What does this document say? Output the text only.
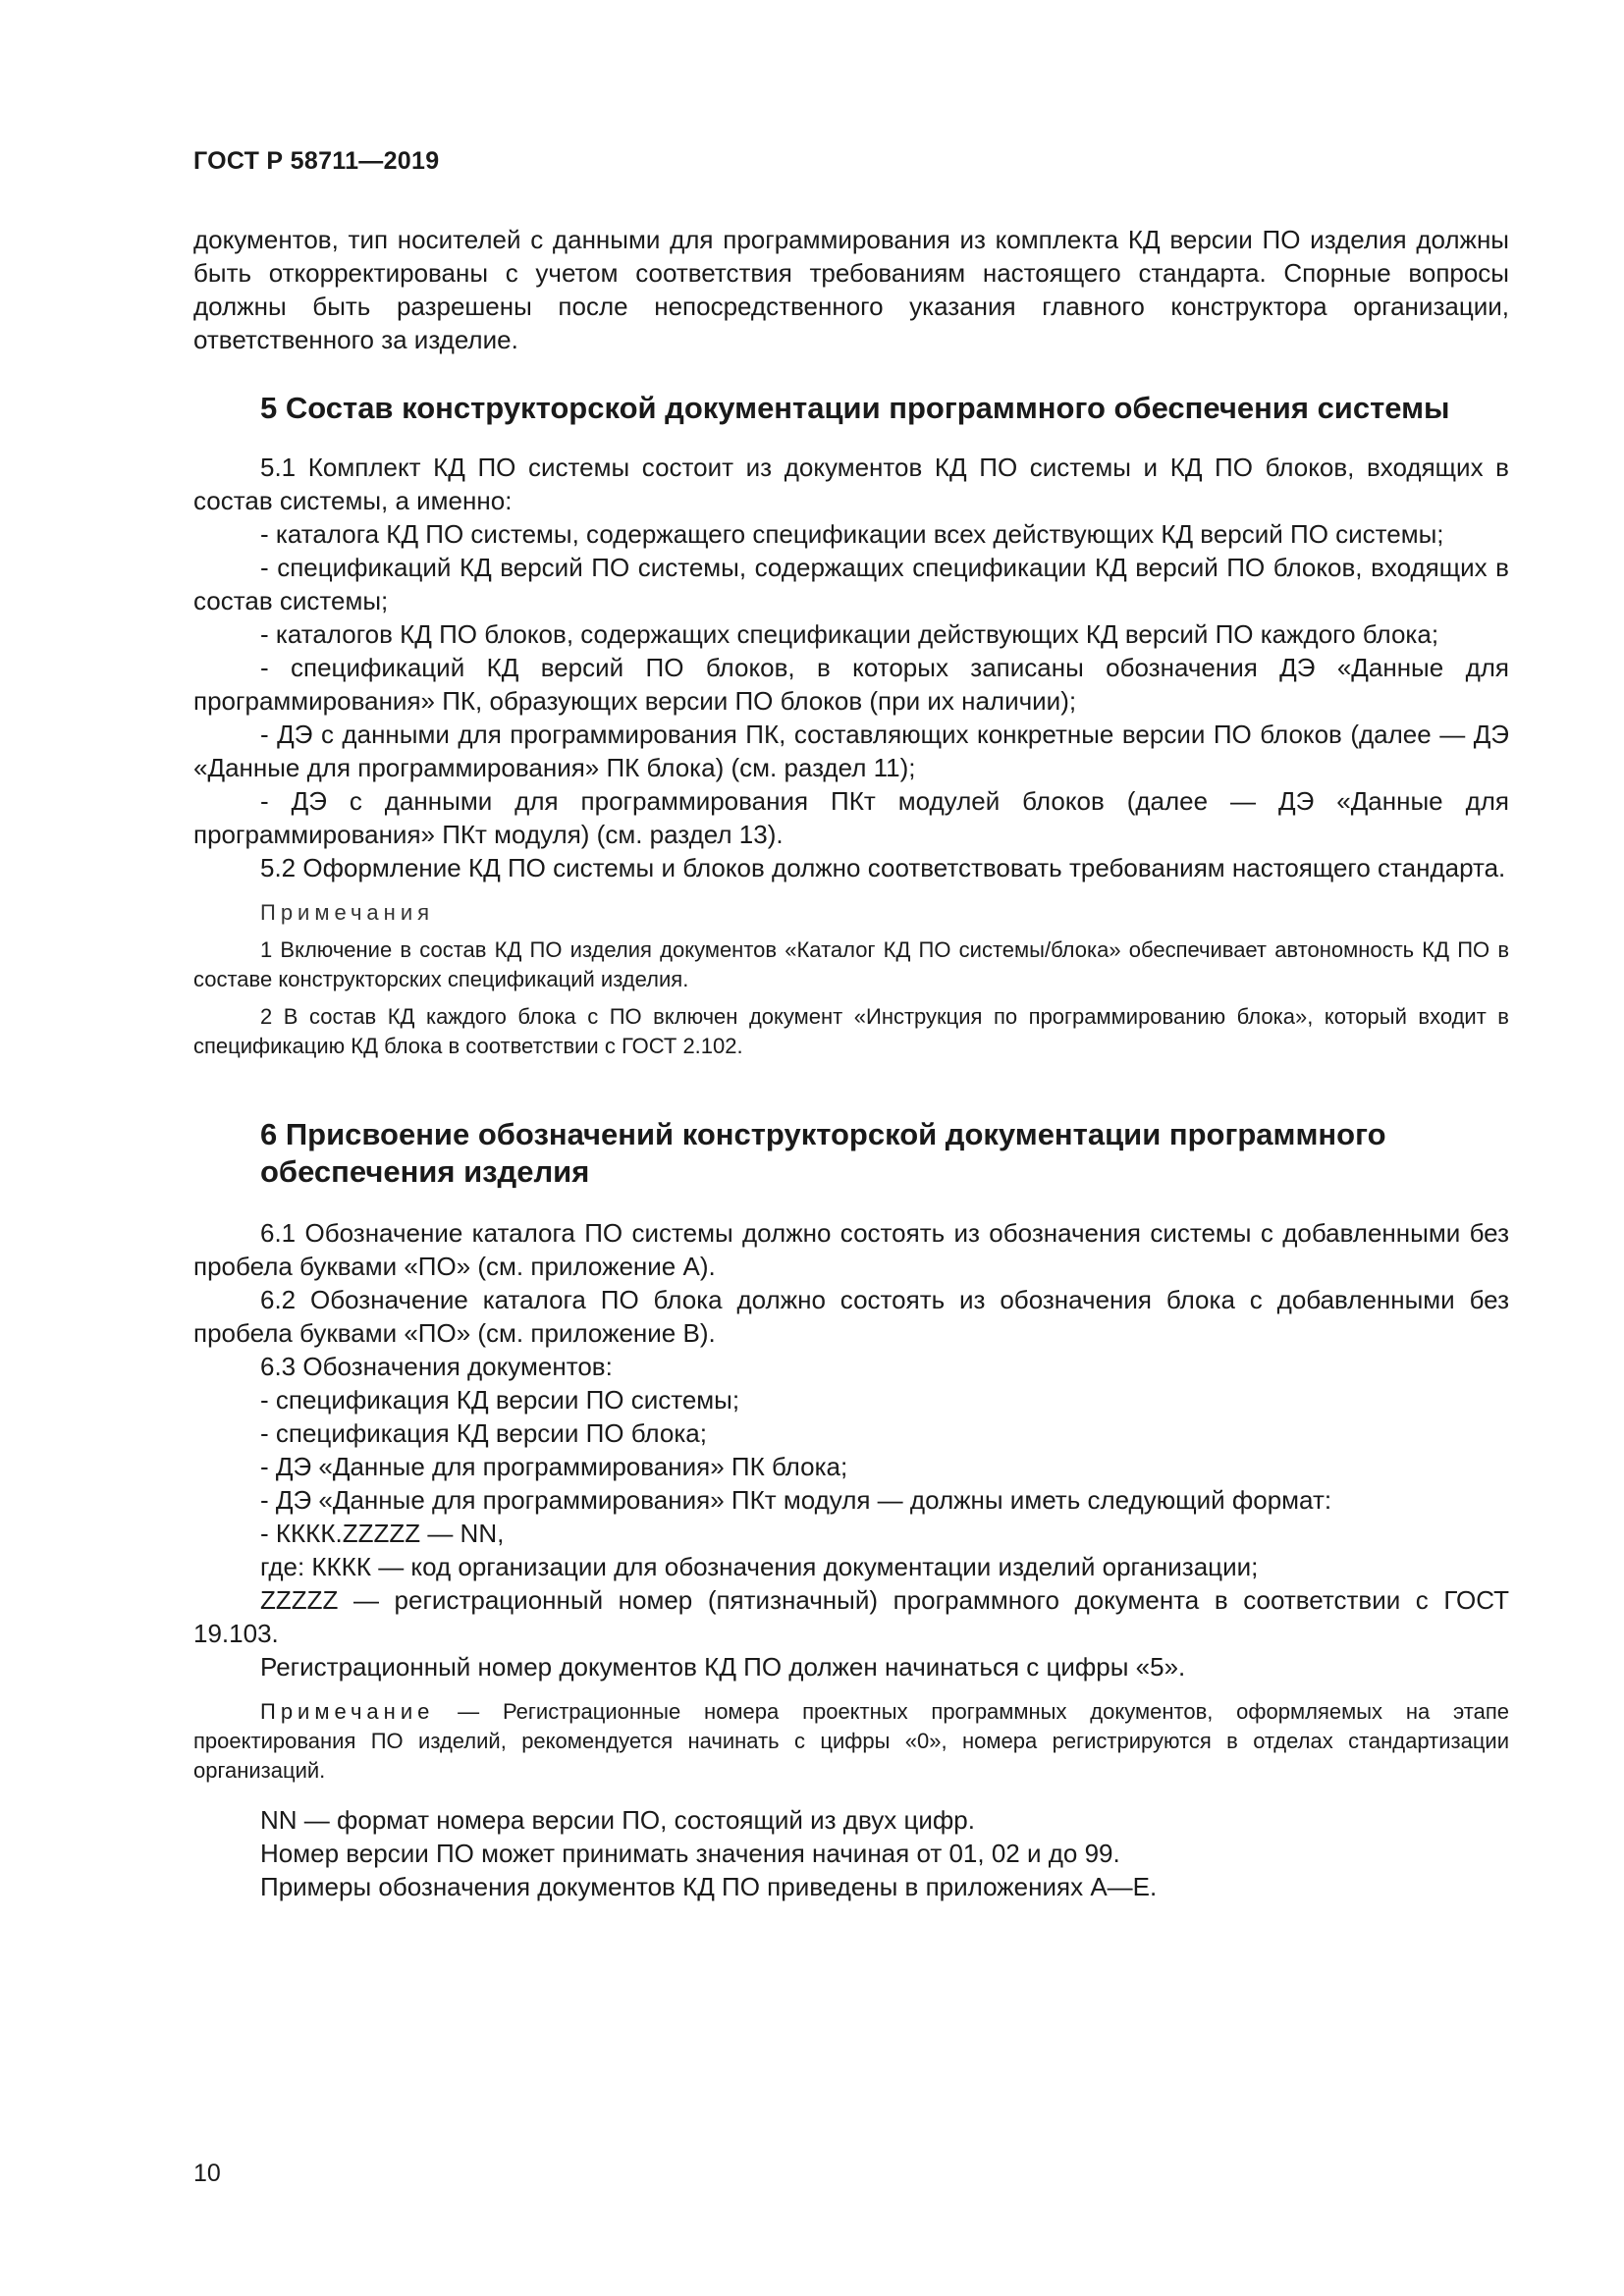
ГОСТ Р 58711—2019

документов, тип носителей с данными для программирования из комплекта КД версии ПО изделия должны быть откорректированы с учетом соответствия требованиям настоящего стандарта. Спорные вопросы должны быть разрешены после непосредственного указания главного конструктора организации, ответственного за изделие.

5 Состав конструкторской документации программного обеспечения системы

5.1 Комплект КД ПО системы состоит из документов КД ПО системы и КД ПО блоков, входящих в состав системы, а именно:

- каталога КД ПО системы, содержащего спецификации всех действующих КД версий ПО системы;

- спецификаций КД версий ПО системы, содержащих спецификации КД версий ПО блоков, входящих в состав системы;

- каталогов КД ПО блоков, содержащих спецификации действующих КД версий ПО каждого блока;

- спецификаций КД версий ПО блоков, в которых записаны обозначения ДЭ «Данные для программирования» ПК, образующих версии ПО блоков (при их наличии);

- ДЭ с данными для программирования ПК, составляющих конкретные версии ПО блоков (далее — ДЭ «Данные для программирования» ПК блока) (см. раздел 11);

- ДЭ с данными для программирования ПКт модулей блоков (далее — ДЭ «Данные для программирования» ПКт модуля) (см. раздел 13).

5.2 Оформление КД ПО системы и блоков должно соответствовать требованиям настоящего стандарта.

Примечания

1 Включение в состав КД ПО изделия документов «Каталог КД ПО системы/блока» обеспечивает автономность КД ПО в составе конструкторских спецификаций изделия.

2 В состав КД каждого блока с ПО включен документ «Инструкция по программированию блока», который входит в спецификацию КД блока в соответствии с ГОСТ 2.102.

6 Присвоение обозначений конструкторской документации программного обеспечения изделия

6.1 Обозначение каталога ПО системы должно состоять из обозначения системы с добавленными без пробела буквами «ПО» (см. приложение А).

6.2 Обозначение каталога ПО блока должно состоять из обозначения блока с добавленными без пробела буквами «ПО» (см. приложение В).

6.3 Обозначения документов:

- спецификация КД версии ПО системы;

- спецификация КД версии ПО блока;

- ДЭ «Данные для программирования» ПК блока;

- ДЭ «Данные для программирования» ПКт модуля — должны иметь следующий формат:

- КККК.ZZZZZ — NN,

где: КККК — код организации для обозначения документации изделий организации;

ZZZZZ — регистрационный номер (пятизначный) программного документа в соответствии с ГОСТ 19.103.

Регистрационный номер документов КД ПО должен начинаться с цифры «5».

Примечание — Регистрационные номера проектных программных документов, оформляемых на этапе проектирования ПО изделий, рекомендуется начинать с цифры «0», номера регистрируются в отделах стандартизации организаций.

NN — формат номера версии ПО, состоящий из двух цифр.

Номер версии ПО может принимать значения начиная от 01, 02 и до 99.

Примеры обозначения документов КД ПО приведены в приложениях А—Е.

10
